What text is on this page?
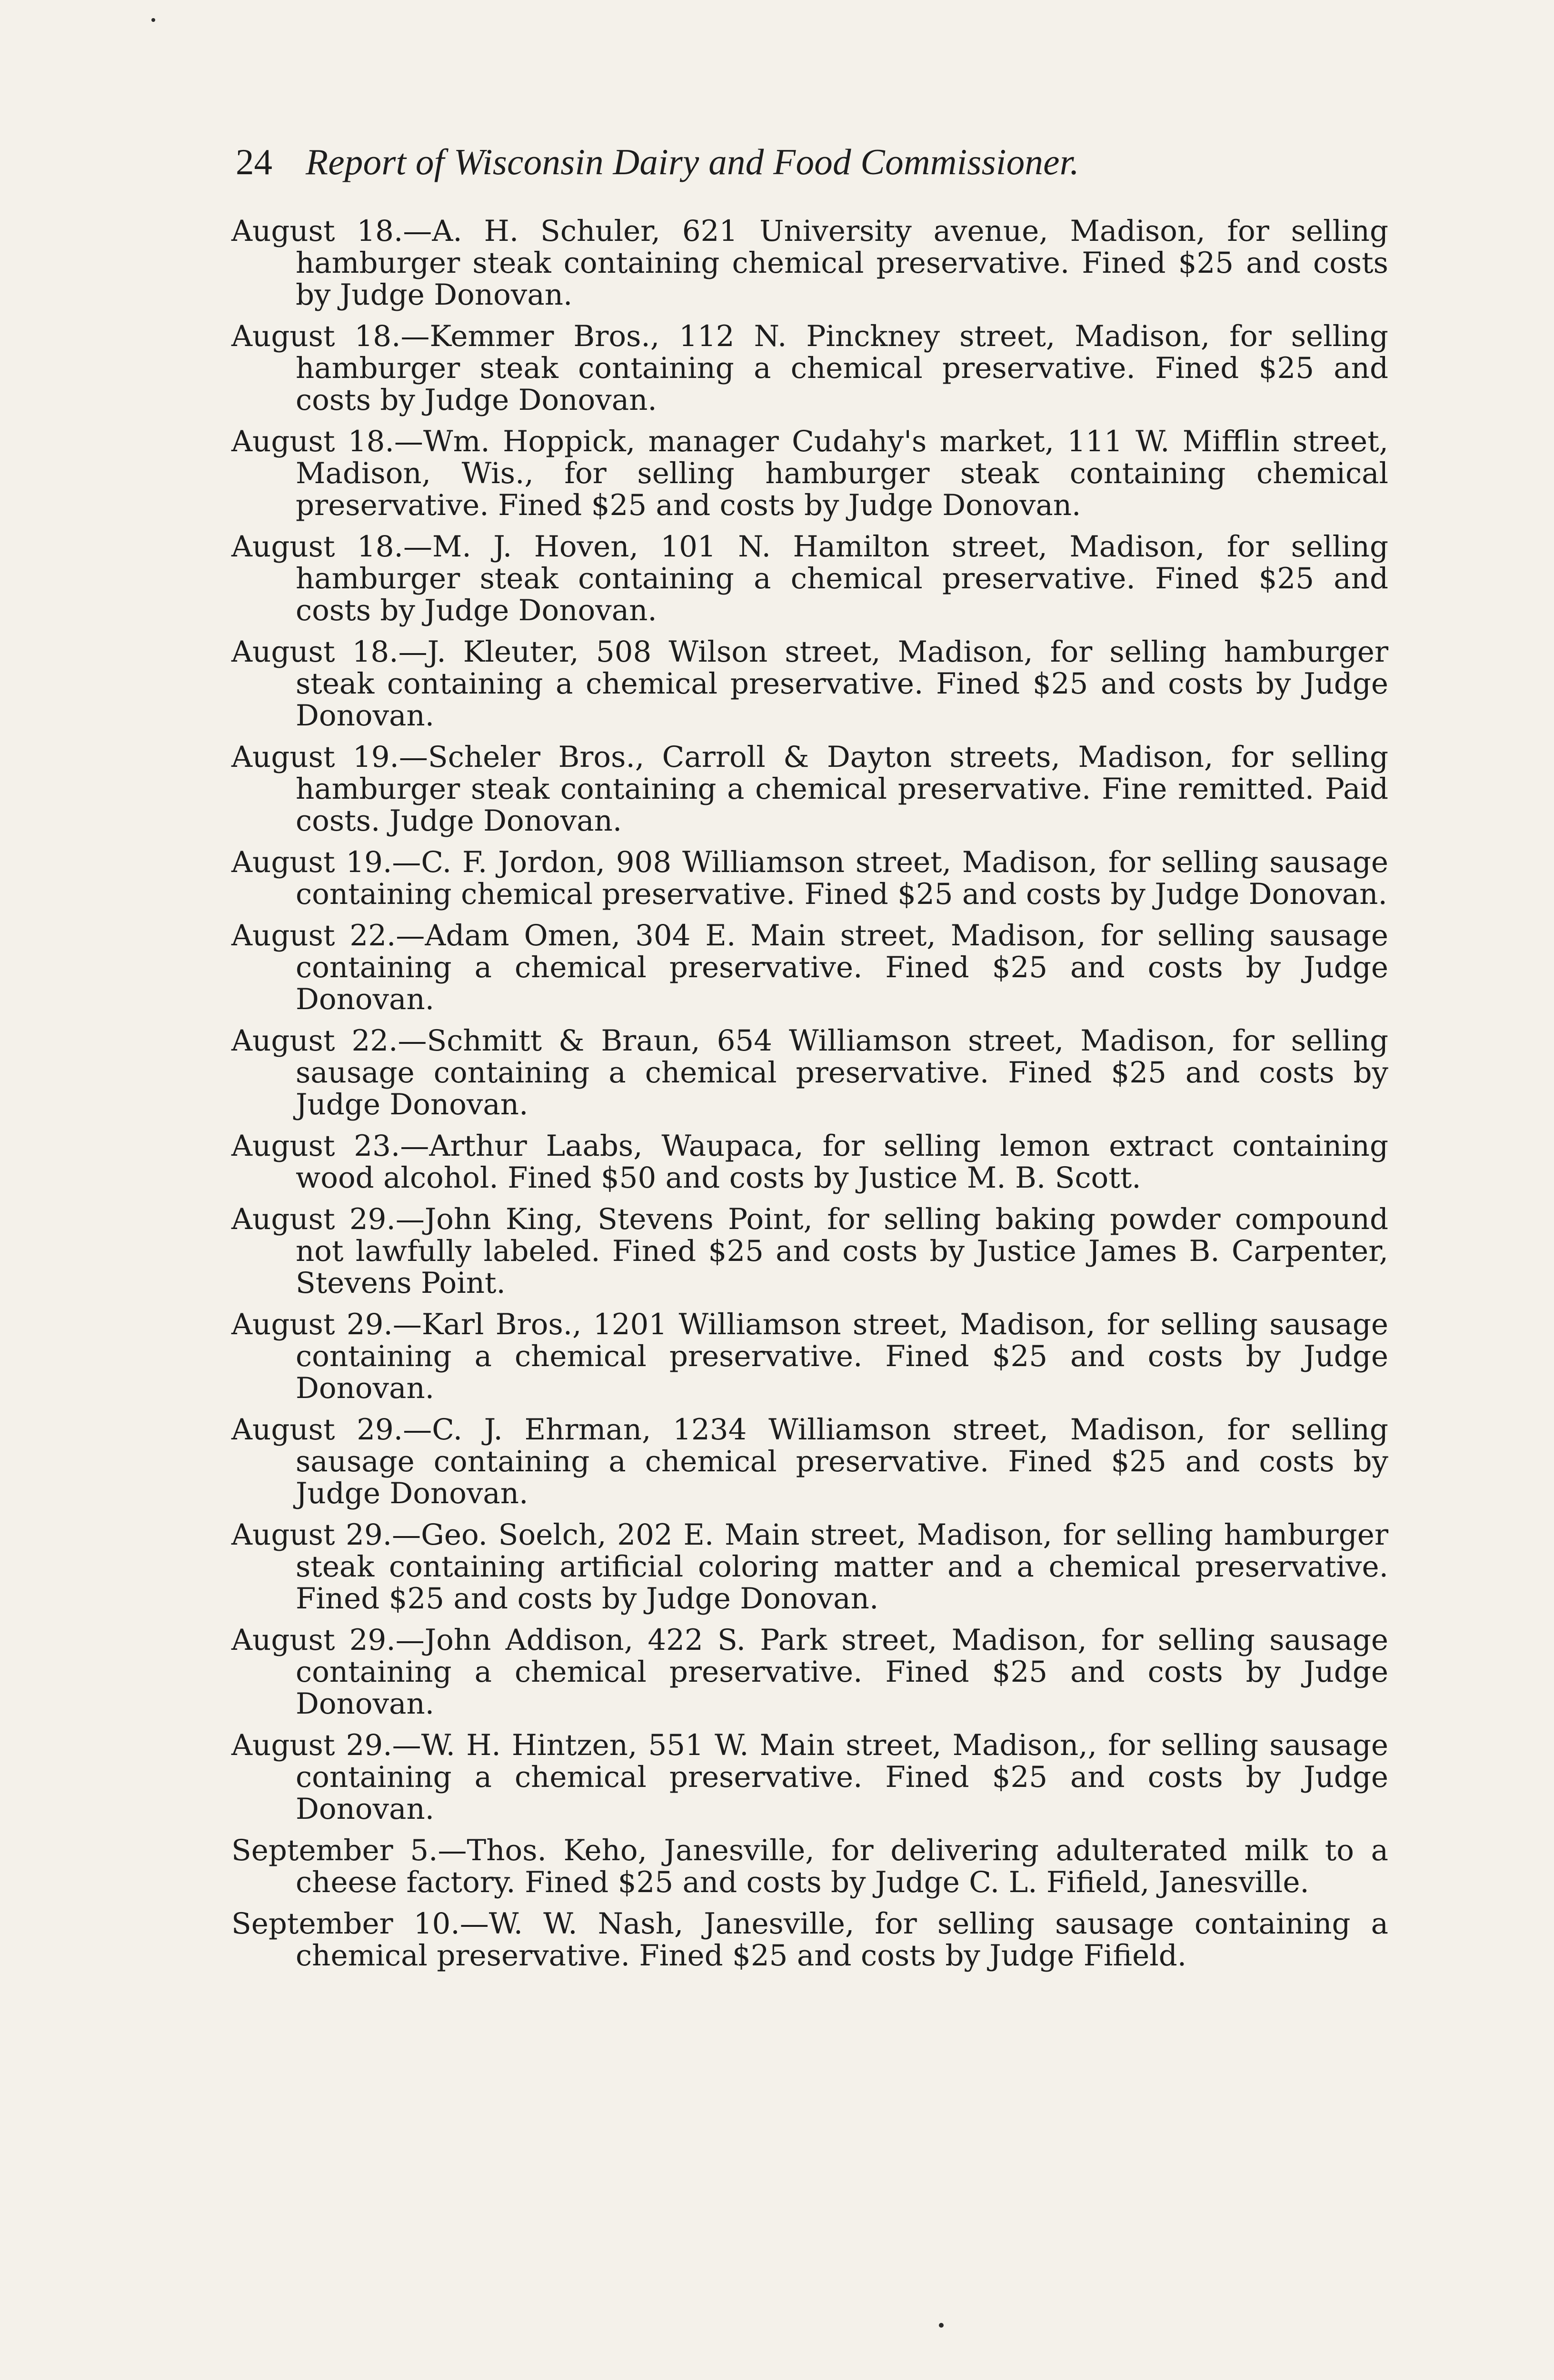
24 Report of Wisconsin Dairy and Food Commissioner.
August 18.—A. H. Schuler, 621 University avenue, Madison, for selling hamburger steak containing chemical preservative. Fined $25 and costs by Judge Donovan.
August 18.—Kemmer Bros., 112 N. Pinckney street, Madison, for selling hamburger steak containing a chemical preservative. Fined $25 and costs by Judge Donovan.
August 18.—Wm. Hoppick, manager Cudahy's market, 111 W. Mifflin street, Madison, Wis., for selling hamburger steak containing chemical preservative. Fined $25 and costs by Judge Donovan.
August 18.—M. J. Hoven, 101 N. Hamilton street, Madison, for selling hamburger steak containing a chemical preservative. Fined $25 and costs by Judge Donovan.
August 18.—J. Kleuter, 508 Wilson street, Madison, for selling hamburger steak containing a chemical preservative. Fined $25 and costs by Judge Donovan.
August 19.—Scheler Bros., Carroll & Dayton streets, Madison, for selling hamburger steak containing a chemical preservative. Fine remitted. Paid costs. Judge Donovan.
August 19.—C. F. Jordon, 908 Williamson street, Madison, for selling sausage containing chemical preservative. Fined $25 and costs by Judge Donovan.
August 22.—Adam Omen, 304 E. Main street, Madison, for selling sausage containing a chemical preservative. Fined $25 and costs by Judge Donovan.
August 22.—Schmitt & Braun, 654 Williamson street, Madison, for selling sausage containing a chemical preservative. Fined $25 and costs by Judge Donovan.
August 23.—Arthur Laabs, Waupaca, for selling lemon extract containing wood alcohol. Fined $50 and costs by Justice M. B. Scott.
August 29.—John King, Stevens Point, for selling baking powder compound not lawfully labeled. Fined $25 and costs by Justice James B. Carpenter, Stevens Point.
August 29.—Karl Bros., 1201 Williamson street, Madison, for selling sausage containing a chemical preservative. Fined $25 and costs by Judge Donovan.
August 29.—C. J. Ehrman, 1234 Williamson street, Madison, for selling sausage containing a chemical preservative. Fined $25 and costs by Judge Donovan.
August 29.—Geo. Soelch, 202 E. Main street, Madison, for selling hamburger steak containing artificial coloring matter and a chemical preservative. Fined $25 and costs by Judge Donovan.
August 29.—John Addison, 422 S. Park street, Madison, for selling sausage containing a chemical preservative. Fined $25 and costs by Judge Donovan.
August 29.—W. H. Hintzen, 551 W. Main street, Madison,, for selling sausage containing a chemical preservative. Fined $25 and costs by Judge Donovan.
September 5.—Thos. Keho, Janesville, for delivering adulterated milk to a cheese factory. Fined $25 and costs by Judge C. L. Fifield, Janesville.
September 10.—W. W. Nash, Janesville, for selling sausage containing a chemical preservative. Fined $25 and costs by Judge Fifield.
